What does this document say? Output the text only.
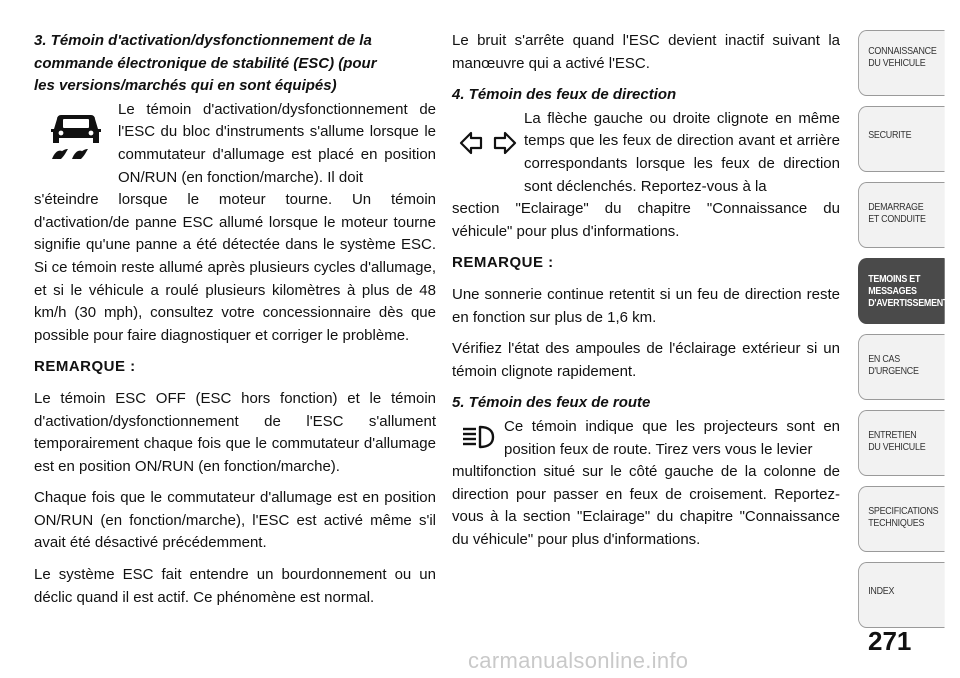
3. Témoin d'activation/dysfonctionnement de la
commande électronique de stabilité (ESC) (pour
les versions/marchés qui en sont équipés)
Le témoin d'activation/dysfonctionnement de l'ESC du bloc d'instruments s'allume lorsque le commutateur d'allumage est placé en position ON/RUN (en fonction/marche). Il doit

s'éteindre lorsque le moteur tourne. Un témoin d'activation/de panne ESC allumé lorsque le moteur tourne signifie qu'une panne a été détectée dans le système ESC. Si ce témoin reste allumé après plusieurs cycles d'allumage, et si le véhicule a roulé plusieurs kilomètres à plus de 48 km/h (30 mph), consultez votre concessionnaire dès que possible pour faire diagnostiquer et corriger le problème.

REMARQUE :

Le témoin ESC OFF (ESC hors fonction) et le témoin d'activation/dysfonctionnement de l'ESC s'allument temporairement chaque fois que le commutateur d'allumage est en position ON/RUN (en fonction/marche).

Chaque fois que le commutateur d'allumage est en position ON/RUN (en fonction/marche), l'ESC est activé même s'il avait été désactivé précédemment.

Le système ESC fait entendre un bourdonnement ou un déclic quand il est actif. Ce phénomène est normal.

Le bruit s'arrête quand l'ESC devient inactif suivant la manœuvre qui a activé l'ESC.

4. Témoin des feux de direction
La flèche gauche ou droite clignote en même temps que les feux de direction avant et arrière correspondants lorsque les feux de direction sont déclenchés. Reportez-vous à la

section "Eclairage" du chapitre "Connaissance du véhicule" pour plus d'informations.

REMARQUE :

Une sonnerie continue retentit si un feu de direction reste en fonction sur plus de 1,6 km.

Vérifiez l'état des ampoules de l'éclairage extérieur si un témoin clignote rapidement.

5. Témoin des feux de route
Ce témoin indique que les projecteurs sont en position feux de route. Tirez vers vous le levier

multifonction situé sur le côté gauche de la colonne de direction pour passer en feux de croisement. Reportez-vous à la section "Eclairage" du chapitre "Connaissance du véhicule" pour plus d'informations.

CONNAISSANCE
DU VEHICULE
SECURITE
DEMARRAGE
ET CONDUITE
TEMOINS ET
MESSAGES
D'AVERTISSEMENT
EN CAS
D'URGENCE
ENTRETIEN
DU VEHICULE
SPECIFICATIONS
TECHNIQUES
INDEX
271
carmanualsonline.info
